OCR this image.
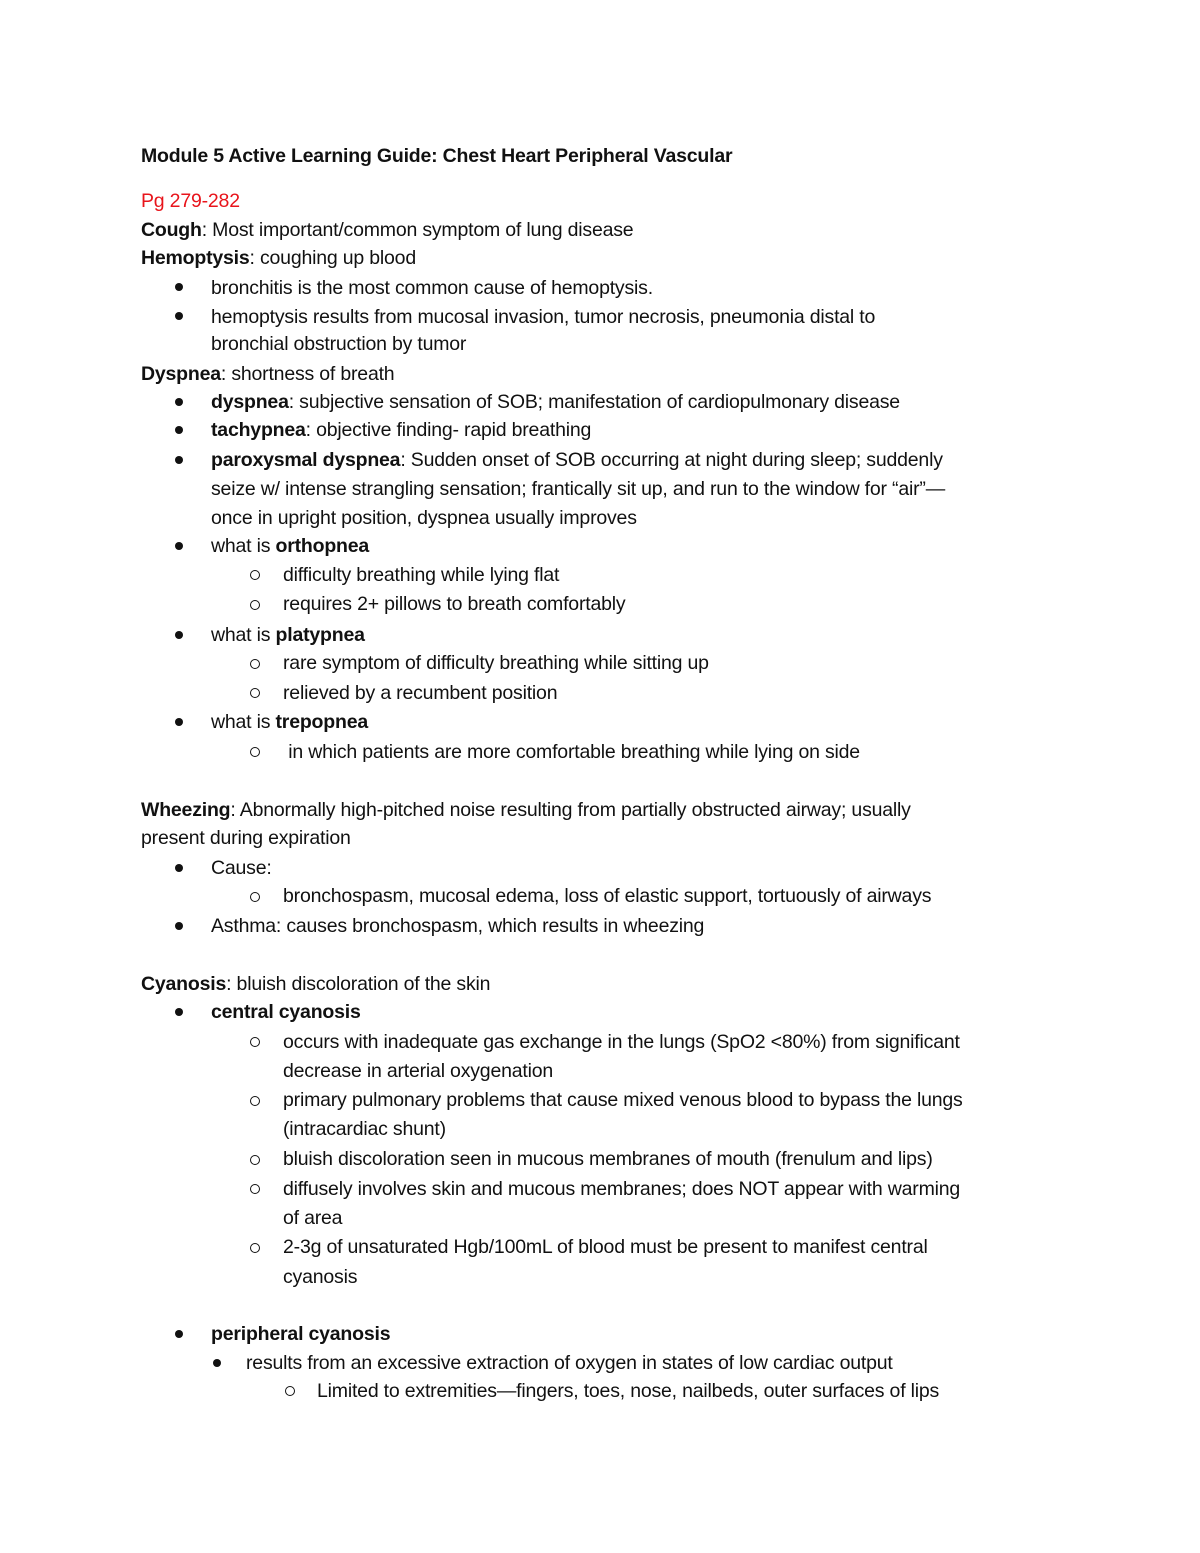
Module 5 Active Learning Guide: Chest Heart Peripheral Vascular
Pg 279-282
Cough: Most important/common symptom of lung disease
Hemoptysis: coughing up blood
bronchitis is the most common cause of hemoptysis.
hemoptysis results from mucosal invasion, tumor necrosis, pneumonia distal to
bronchial obstruction by tumor
Dyspnea: shortness of breath
dyspnea: subjective sensation of SOB; manifestation of cardiopulmonary disease
tachypnea: objective finding- rapid breathing
paroxysmal dyspnea: Sudden onset of SOB occurring at night during sleep; suddenly
seize w/ intense strangling sensation; frantically sit up, and run to the window for “air”—
once in upright position, dyspnea usually improves
what is orthopnea
difficulty breathing while lying flat
requires 2+ pillows to breath comfortably
what is platypnea
rare symptom of difficulty breathing while sitting up
relieved by a recumbent position
what is trepopnea
in which patients are more comfortable breathing while lying on side
Wheezing: Abnormally high-pitched noise resulting from partially obstructed airway; usually
present during expiration
Cause:
bronchospasm, mucosal edema, loss of elastic support, tortuously of airways
Asthma: causes bronchospasm, which results in wheezing
Cyanosis: bluish discoloration of the skin
central cyanosis
occurs with inadequate gas exchange in the lungs (SpO2 <80%) from significant
decrease in arterial oxygenation
primary pulmonary problems that cause mixed venous blood to bypass the lungs
(intracardiac shunt)
bluish discoloration seen in mucous membranes of mouth (frenulum and lips)
diffusely involves skin and mucous membranes; does NOT appear with warming
of area
2-3g of unsaturated Hgb/100mL of blood must be present to manifest central
cyanosis
peripheral cyanosis
results from an excessive extraction of oxygen in states of low cardiac output
Limited to extremities—fingers, toes, nose, nailbeds, outer surfaces of lips
